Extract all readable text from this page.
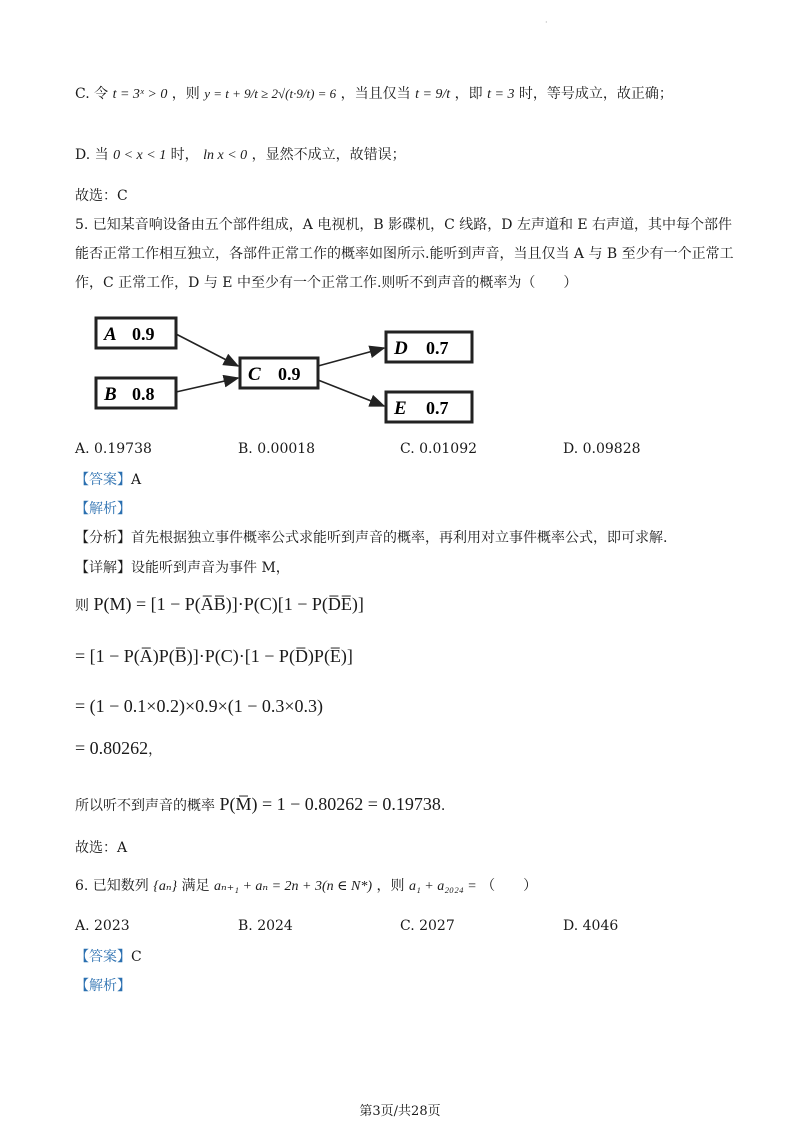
·
C. 令 t = 3ˣ > 0 ，则 y = t + 9/t ≥ 2√(t·9/t) = 6 ，当且仅当 t = 9/t ，即 t = 3 时，等号成立，故正确；
D. 当 0 < x < 1 时， ln x < 0 ，显然不成立，故错误；
故选：C
5. 已知某音响设备由五个部件组成，A 电视机，B 影碟机，C 线路，D 左声道和 E 右声道，其中每个部件
能否正常工作相互独立，各部件正常工作的概率如图所示.能听到声音，当且仅当 A 与 B 至少有一个正常工
作，C 正常工作，D 与 E 中至少有一个正常工作.则听不到声音的概率为（　　）
A 0.9
B 0.8
C 0.9
D 0.7
E 0.7
A. 0.19738	B. 0.00018	C. 0.01092	D. 0.09828
【答案】A
【解析】
【分析】首先根据独立事件概率公式求能听到声音的概率，再利用对立事件概率公式，即可求解.
【详解】设能听到声音为事件 M，
则 P(M) = [1 − P(A̅B̅)]·P(C)[1 − P(D̅E̅)]
= [1 − P(A̅)P(B̅)]·P(C)·[1 − P(D̅)P(E̅)]
= (1 − 0.1×0.2)×0.9×(1 − 0.3×0.3)
= 0.80262，
所以听不到声音的概率 P(M̅) = 1 − 0.80262 = 0.19738.
故选：A
6. 已知数列 {aₙ} 满足 aₙ₊₁ + aₙ = 2n + 3(n ∈ N*) ，则 a₁ + a₂₀₂₄ = （　　）
A. 2023	B. 2024	C. 2027	D. 4046
【答案】C
【解析】
第3页/共28页
